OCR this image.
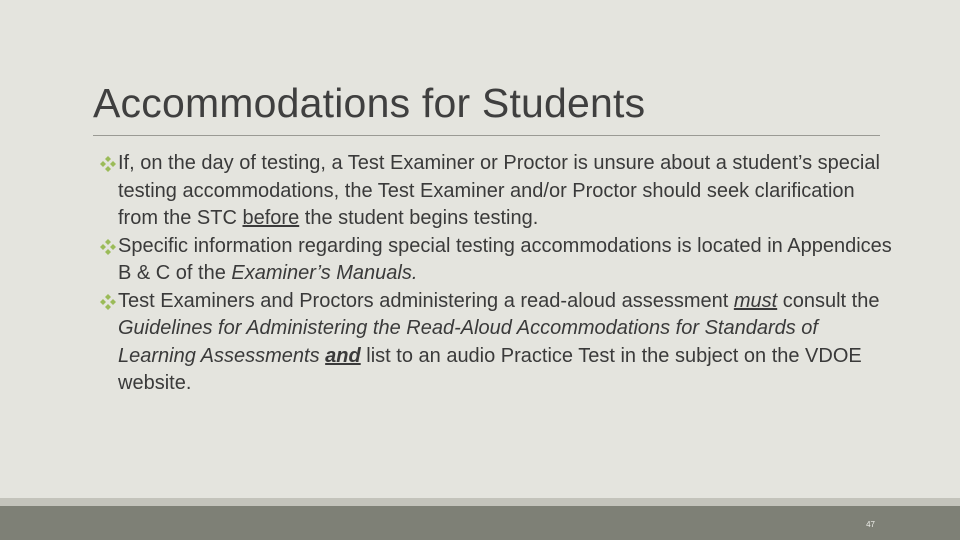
Accommodations for Students

If, on the day of testing, a Test Examiner or Proctor is unsure about a student’s special testing accommodations, the Test Examiner and/or Proctor should seek clarification from the STC before the student begins testing.

Specific information regarding special testing accommodations is located in Appendices B & C of the Examiner’s Manuals.

Test Examiners and Proctors administering a read-aloud assessment must consult the Guidelines for Administering the Read-Aloud Accommodations for Standards of Learning Assessments and list to an audio Practice Test in the subject on the VDOE website.

47
